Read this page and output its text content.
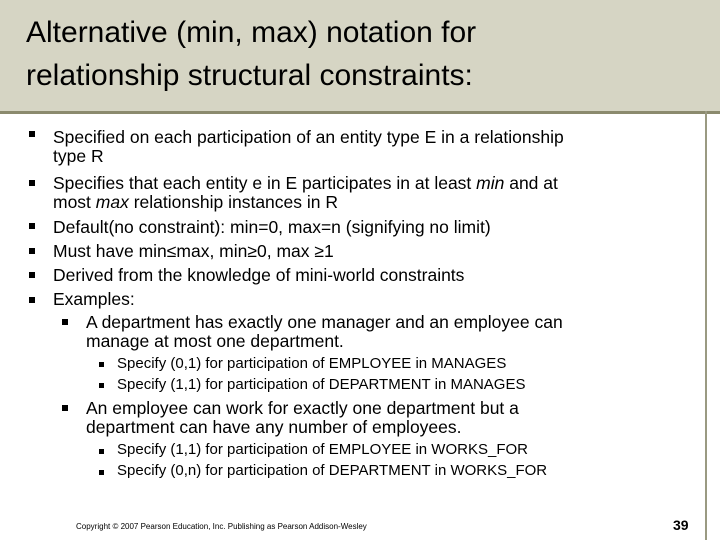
Alternative (min, max) notation for
relationship structural constraints:
Specified on each participation of an entity type E in a relationship
type R
Specifies that each entity e in E participates in at least min and at
most max relationship instances in R
Default(no constraint): min=0, max=n (signifying no limit)
Must have min≤max, min≥0, max ≥1
Derived from the knowledge of mini-world constraints
Examples:
A department has exactly one manager and an employee can
manage at most one department.
Specify (0,1) for participation of EMPLOYEE in MANAGES
Specify (1,1) for participation of DEPARTMENT in MANAGES
An employee can work for exactly one department but a
department can have any number of employees.
Specify (1,1) for participation of EMPLOYEE in WORKS_FOR
Specify (0,n) for participation of DEPARTMENT in WORKS_FOR
Copyright © 2007 Pearson Education, Inc. Publishing as Pearson Addison-Wesley	39
